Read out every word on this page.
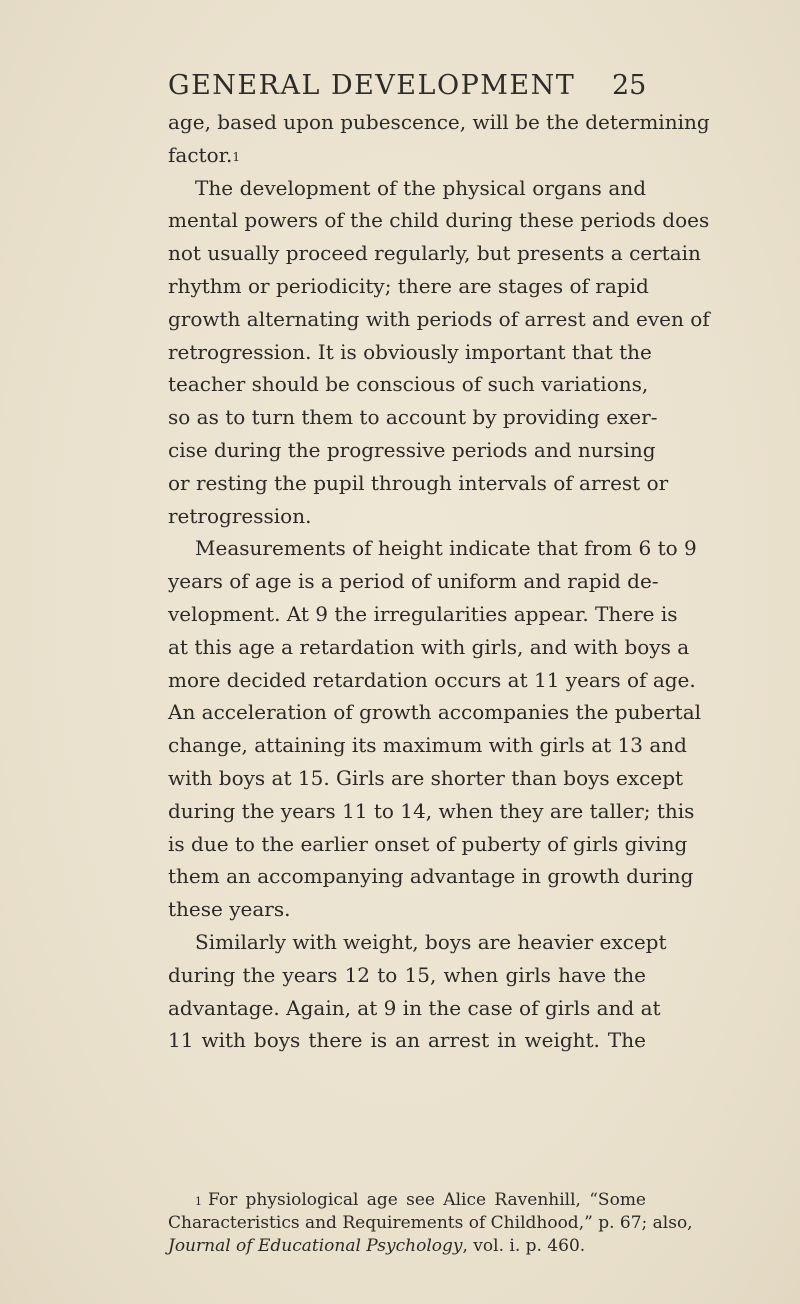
GENERAL DEVELOPMENT 25
age, based upon pubescence, will be the determining
factor.$^1$
The development of the physical organs and
mental powers of the child during these periods does
not usually proceed regularly, but presents a certain
rhythm or periodicity; there are stages of rapid
growth alternating with periods of arrest and even of
retrogression. It is obviously important that the
teacher should be conscious of such variations,
so as to turn them to account by providing exer-
cise during the progressive periods and nursing
or resting the pupil through intervals of arrest or
retrogression.
Measurements of height indicate that from 6 to 9
years of age is a period of uniform and rapid de-
velopment. At 9 the irregularities appear. There is
at this age a retardation with girls, and with boys a
more decided retardation occurs at 11 years of age.
An acceleration of growth accompanies the pubertal
change, attaining its maximum with girls at 13 and
with boys at 15. Girls are shorter than boys except
during the years 11 to 14, when they are taller; this
is due to the earlier onset of puberty of girls giving
them an accompanying advantage in growth during
these years.
Similarly with weight, boys are heavier except
during the years 12 to 15, when girls have the
advantage. Again, at 9 in the case of girls and at
11 with boys there is an arrest in weight. The
$^1$ For physiological age see Alice Ravenhill, “Some
Characteristics and Requirements of Childhood,” p. 67; also,
Journal of Educational Psychology, vol. i. p. 460.
